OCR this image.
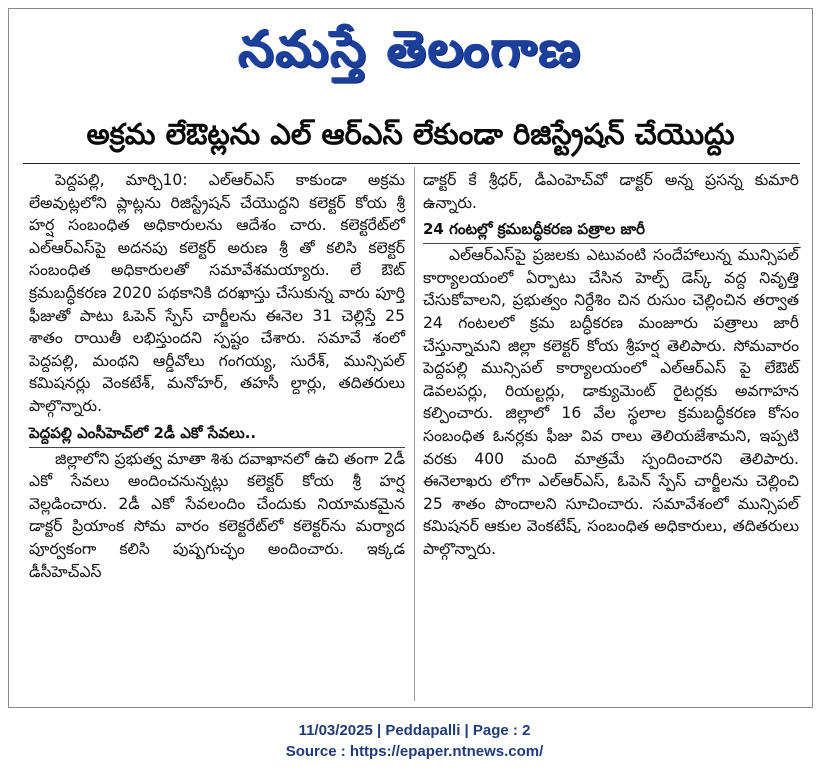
నమస్తే తెలంగాణ
అక్రమ లేఔట్లను ఎల్ ఆర్ఎస్ లేకుండా రిజిస్ట్రేషన్ చేయొద్దు

పెద్దపల్లి, మార్చి10: ఎల్ఆర్ఎస్ కాకుండా అక్రమ లేఅవుట్లలోని ప్లాట్లను రిజిస్ట్రేషన్ చేయొద్దని కలెక్టర్ కోయ శ్రీ హర్ష సంబంధిత అధికారులను ఆదేశం చారు. కలెక్టరేట్‌లో ఎల్ఆర్ఎస్‌పై అదనపు కలెక్టర్ అరుణ శ్రీ తో కలిసి కలెక్టర్ సంబంధిత అధికారులతో సమావేశమయ్యారు. లే ఔట్ క్రమబద్ధీకరణ 2020 పథకానికి దరఖాస్తు చేసుకున్న వారు పూర్తి ఫీజుతో పాటు ఓపెన్ స్పేస్ చార్జీలను ఈనెల 31 చెల్లిస్తే 25 శాతం రాయితీ లభిస్తుందని స్పష్టం చేశారు. సమావే శంలో పెద్దపల్లి, మంథని ఆర్డీవోలు గంగయ్య, సురేశ్, మున్సిపల్ కమిషనర్లు వెంకటేశ్, మనోహర్, తహసీ ల్దార్లు, తదితరులు పాల్గొన్నారు.

పెద్దపల్లి ఎంసీహెచ్‌లో 2డీ ఎకో సేవలు..

జిల్లాలోని ప్రభుత్వ మాతా శిశు దవాఖానలో ఉచి తంగా 2డీ ఎకో సేవలు అందించనున్నట్లు కలెక్టర్ కోయ శ్రీ హర్ష వెల్లడించారు. 2డీ ఎకో సేవలందిం చేందుకు నియామకమైన డాక్టర్ ప్రియాంక సోమ వారం కలెక్టరేట్‌లో కలెక్టర్‌ను మర్యాద పూర్వకంగా కలిసి పుష్పగుచ్ఛం అందించారు. ఇక్కడ డీసీహెచ్ఎస్

డాక్టర్ కే శ్రీధర్, డీఎంహెచ్‌వో డాక్టర్ అన్న ప్రసన్న కుమారి ఉన్నారు.

24 గంటల్లో క్రమబద్ధీకరణ పత్రాల జారీ

ఎల్ఆర్ఎస్‌పై ప్రజలకు ఎటువంటి సందేహాలున్న మున్సిపల్ కార్యాలయంలో ఏర్పాటు చేసిన హెల్ప్ డెస్క్ వద్ద నివృత్తి చేసుకోవాలని, ప్రభుత్వం నిర్దేశిం చిన రుసుం చెల్లించిన తర్వాత 24 గంటలలో క్రమ బద్ధీకరణ మంజూరు పత్రాలు జారీ చేస్తున్నామని జిల్లా కలెక్టర్ కోయ శ్రీహర్ష తెలిపారు. సోమవారం పెద్దపల్లి మున్సిపల్ కార్యాలయంలో ఎల్ఆర్ఎస్ పై లేఔట్ డెవలపర్లు, రియల్టర్లు, డాక్యుమెంట్ రైటర్లకు అవగాహన కల్పించారు. జిల్లాలో 16 వేల స్థలాల క్రమబద్ధీకరణ కోసం సంబంధిత ఓనర్లకు ఫీజు వివ రాలు తెలియజేశామని, ఇప్పటి వరకు 400 మంది మాత్రమే స్పందించారని తెలిపారు. ఈనెలాఖరు లోగా ఎల్ఆర్ఎస్, ఓపెన్ స్పేస్ చార్జీలను చెల్లించి 25 శాతం పొందాలని సూచించారు. సమావేశంలో మున్సిపల్ కమిషనర్ ఆకుల వెంకటేష్, సంబంధిత అధికారులు, తదితరులు పాల్గొన్నారు.

11/03/2025 | Peddapalli | Page : 2
Source : https://epaper.ntnews.com/
